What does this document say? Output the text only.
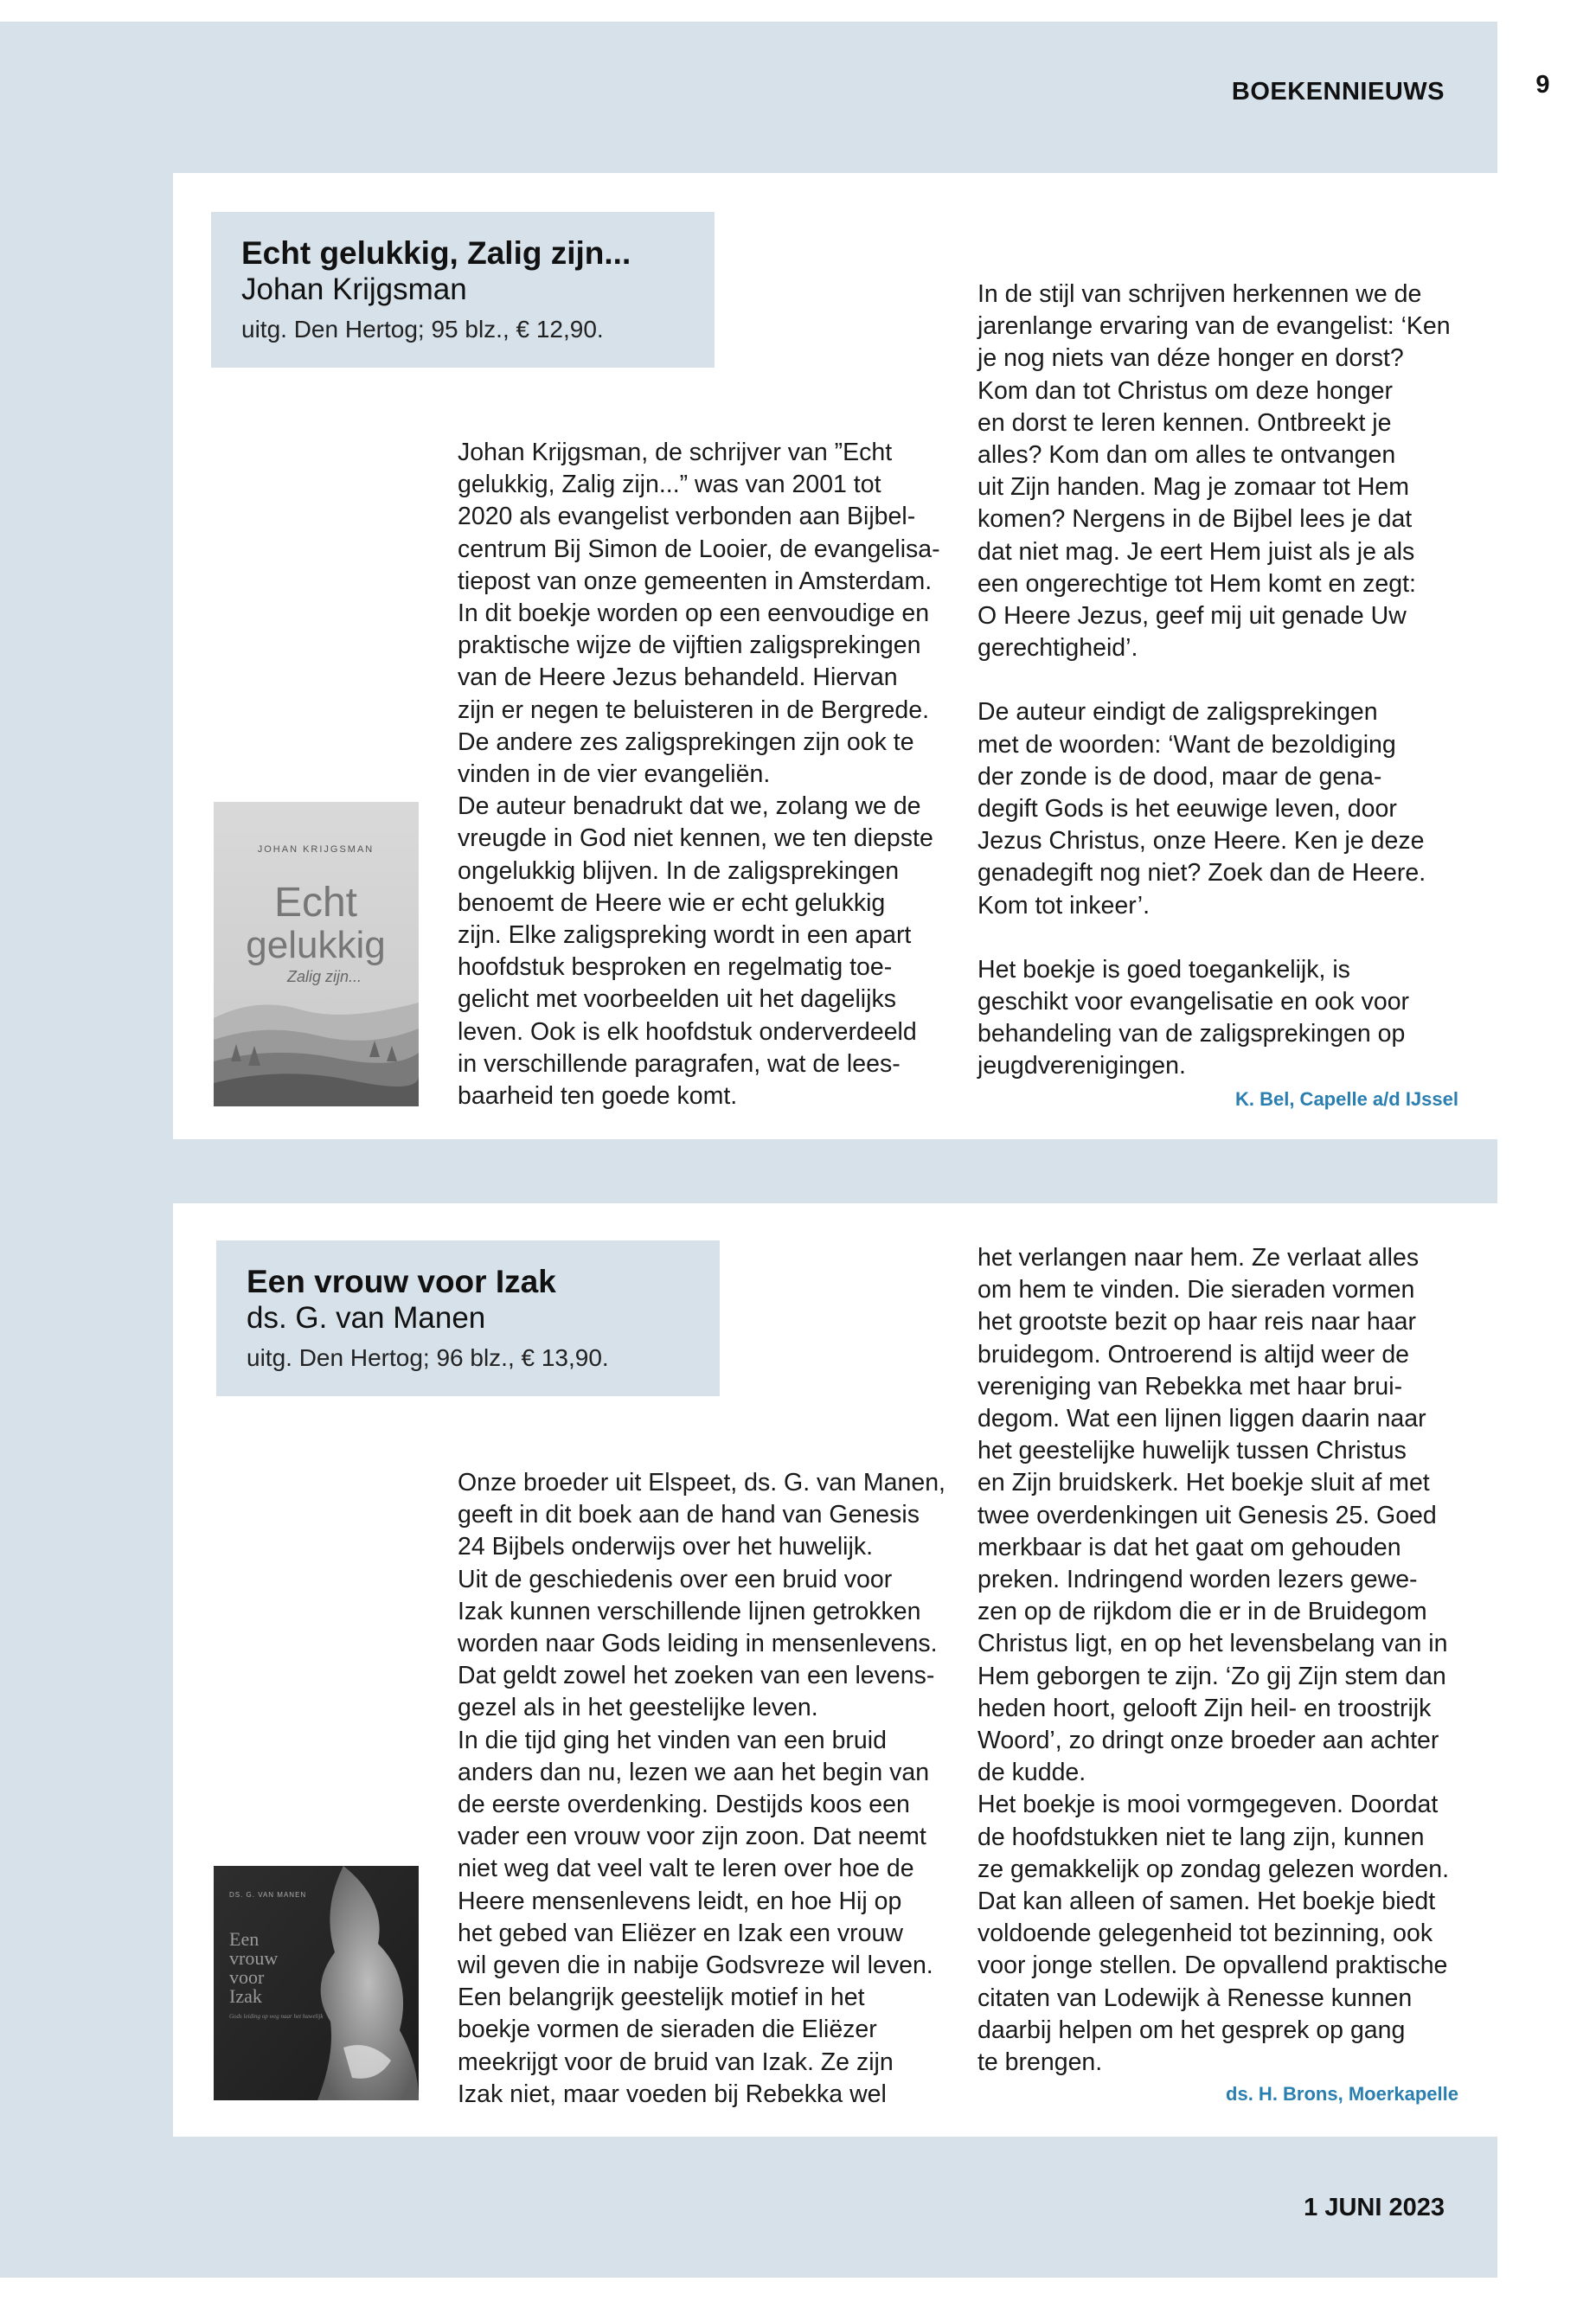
9
BOEKENNIEUWS
Echt gelukkig, Zalig zijn...
Johan Krijgsman
uitg. Den Hertog; 95 blz., € 12,90.
JOHAN KRIJGSMAN
Echt
gelukkig
Zalig zijn...

Johan Krijgsman, de schrijver van ”Echt
gelukkig, Zalig zijn...” was van 2001 tot
2020 als evangelist verbonden aan Bijbel-
centrum Bij Simon de Looier, de evangelisa-
tiepost van onze gemeenten in Amsterdam.
In dit boekje worden op een eenvoudige en
praktische wijze de vijftien zaligsprekingen
van de Heere Jezus behandeld. Hiervan
zijn er negen te beluisteren in de Bergrede.
De andere zes zaligsprekingen zijn ook te
vinden in de vier evangeliën.
De auteur benadrukt dat we, zolang we de
vreugde in God niet kennen, we ten diepste
ongelukkig blijven. In de zaligsprekingen
benoemt de Heere wie er echt gelukkig
zijn. Elke zaligspreking wordt in een apart
hoofdstuk besproken en regelmatig toe-
gelicht met voorbeelden uit het dagelijks
leven. Ook is elk hoofdstuk onderverdeeld
in verschillende paragrafen, wat de lees-
baarheid ten goede komt.

In de stijl van schrijven herkennen we de
jarenlange ervaring van de evangelist: ‘Ken
je nog niets van déze honger en dorst?
Kom dan tot Christus om deze honger
en dorst te leren kennen. Ontbreekt je
alles? Kom dan om alles te ontvangen
uit Zijn handen. Mag je zomaar tot Hem
komen? Nergens in de Bijbel lees je dat
dat niet mag. Je eert Hem juist als je als
een ongerechtige tot Hem komt en zegt:
O Heere Jezus, geef mij uit genade Uw
gerechtigheid’.

De auteur eindigt de zaligsprekingen
met de woorden: ‘Want de bezoldiging
der zonde is de dood, maar de gena-
degift Gods is het eeuwige leven, door
Jezus Christus, onze Heere. Ken je deze
genadegift nog niet? Zoek dan de Heere.
Kom tot inkeer’.

Het boekje is goed toegankelijk, is
geschikt voor evangelisatie en ook voor
behandeling van de zaligsprekingen op
jeugdverenigingen.

K. Bel, Capelle a/d IJssel
Een vrouw voor Izak
ds. G. van Manen
uitg. Den Hertog; 96 blz., € 13,90.
DS. G. VAN MANEN
Een
vrouw
voor
Izak
Gods leiding op weg naar het huwelijk

Onze broeder uit Elspeet, ds. G. van Manen,
geeft in dit boek aan de hand van Genesis
24 Bijbels onderwijs over het huwelijk.
Uit de geschiedenis over een bruid voor
Izak kunnen verschillende lijnen getrokken
worden naar Gods leiding in mensenlevens.
Dat geldt zowel het zoeken van een levens-
gezel als in het geestelijke leven.
In die tijd ging het vinden van een bruid
anders dan nu, lezen we aan het begin van
de eerste overdenking. Destijds koos een
vader een vrouw voor zijn zoon. Dat neemt
niet weg dat veel valt te leren over hoe de
Heere mensenlevens leidt, en hoe Hij op
het gebed van Eliëzer en Izak een vrouw
wil geven die in nabije Godsvreze wil leven.
Een belangrijk geestelijk motief in het
boekje vormen de sieraden die Eliëzer
meekrijgt voor de bruid van Izak. Ze zijn
Izak niet, maar voeden bij Rebekka wel

het verlangen naar hem. Ze verlaat alles
om hem te vinden. Die sieraden vormen
het grootste bezit op haar reis naar haar
bruidegom. Ontroerend is altijd weer de
vereniging van Rebekka met haar brui-
degom. Wat een lijnen liggen daarin naar
het geestelijke huwelijk tussen Christus
en Zijn bruidskerk. Het boekje sluit af met
twee overdenkingen uit Genesis 25. Goed
merkbaar is dat het gaat om gehouden
preken. Indringend worden lezers gewe-
zen op de rijkdom die er in de Bruidegom
Christus ligt, en op het levensbelang van in
Hem geborgen te zijn. ‘Zo gij Zijn stem dan
heden hoort, gelooft Zijn heil- en troostrijk
Woord’, zo dringt onze broeder aan achter
de kudde.
Het boekje is mooi vormgegeven. Doordat
de hoofdstukken niet te lang zijn, kunnen
ze gemakkelijk op zondag gelezen worden.
Dat kan alleen of samen. Het boekje biedt
voldoende gelegenheid tot bezinning, ook
voor jonge stellen. De opvallend praktische
citaten van Lodewijk à Renesse kunnen
daarbij helpen om het gesprek op gang
te brengen.

ds. H. Brons, Moerkapelle
1 JUNI 2023
